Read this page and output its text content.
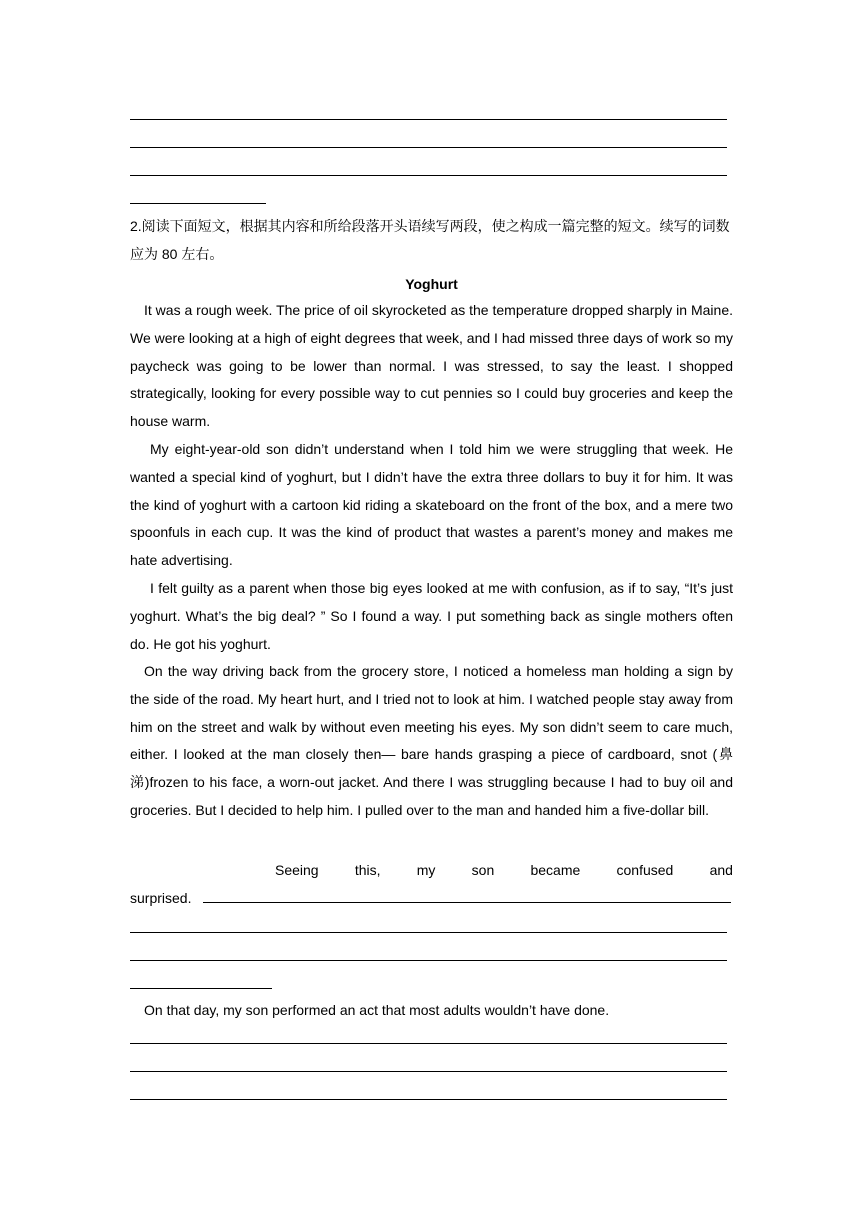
2.阅读下面短文，根据其内容和所给段落开头语续写两段，使之构成一篇完整的短文。续写的词数应为 80 左右。

Yoghurt

It was a rough week. The price of oil skyrocketed as the temperature dropped sharply in Maine. We were looking at a high of eight degrees that week, and I had missed three days of work so my paycheck was going to be lower than normal. I was stressed, to say the least. I shopped strategically, looking for every possible way to cut pennies so I could buy groceries and keep the house warm.

My eight-year-old son didn’t understand when I told him we were struggling that week. He wanted a special kind of yoghurt, but I didn’t have the extra three dollars to buy it for him. It was the kind of yoghurt with a cartoon kid riding a skateboard on the front of the box, and a mere two spoonfuls in each cup. It was the kind of product that wastes a parent’s money and makes me hate advertising.

I felt guilty as a parent when those big eyes looked at me with confusion, as if to say, “It’s just yoghurt. What’s the big deal? ” So I found a way. I put something back as single mothers often do. He got his yoghurt.

On the way driving back from the grocery store, I noticed a homeless man holding a sign by the side of the road. My heart hurt, and I tried not to look at him. I watched people stay away from him on the street and walk by without even meeting his eyes. My son didn’t seem to care much, either. I looked at the man closely then— bare hands grasping a piece of cardboard, snot (鼻涕)frozen to his face, a worn-out jacket. And there I was struggling because I had to buy oil and groceries. But I decided to help him. I pulled over to the man and handed him a five-dollar bill.

Seeing	this,	my	son	became	confused	and
surprised.
On that day, my son performed an act that most adults wouldn’t have done.
